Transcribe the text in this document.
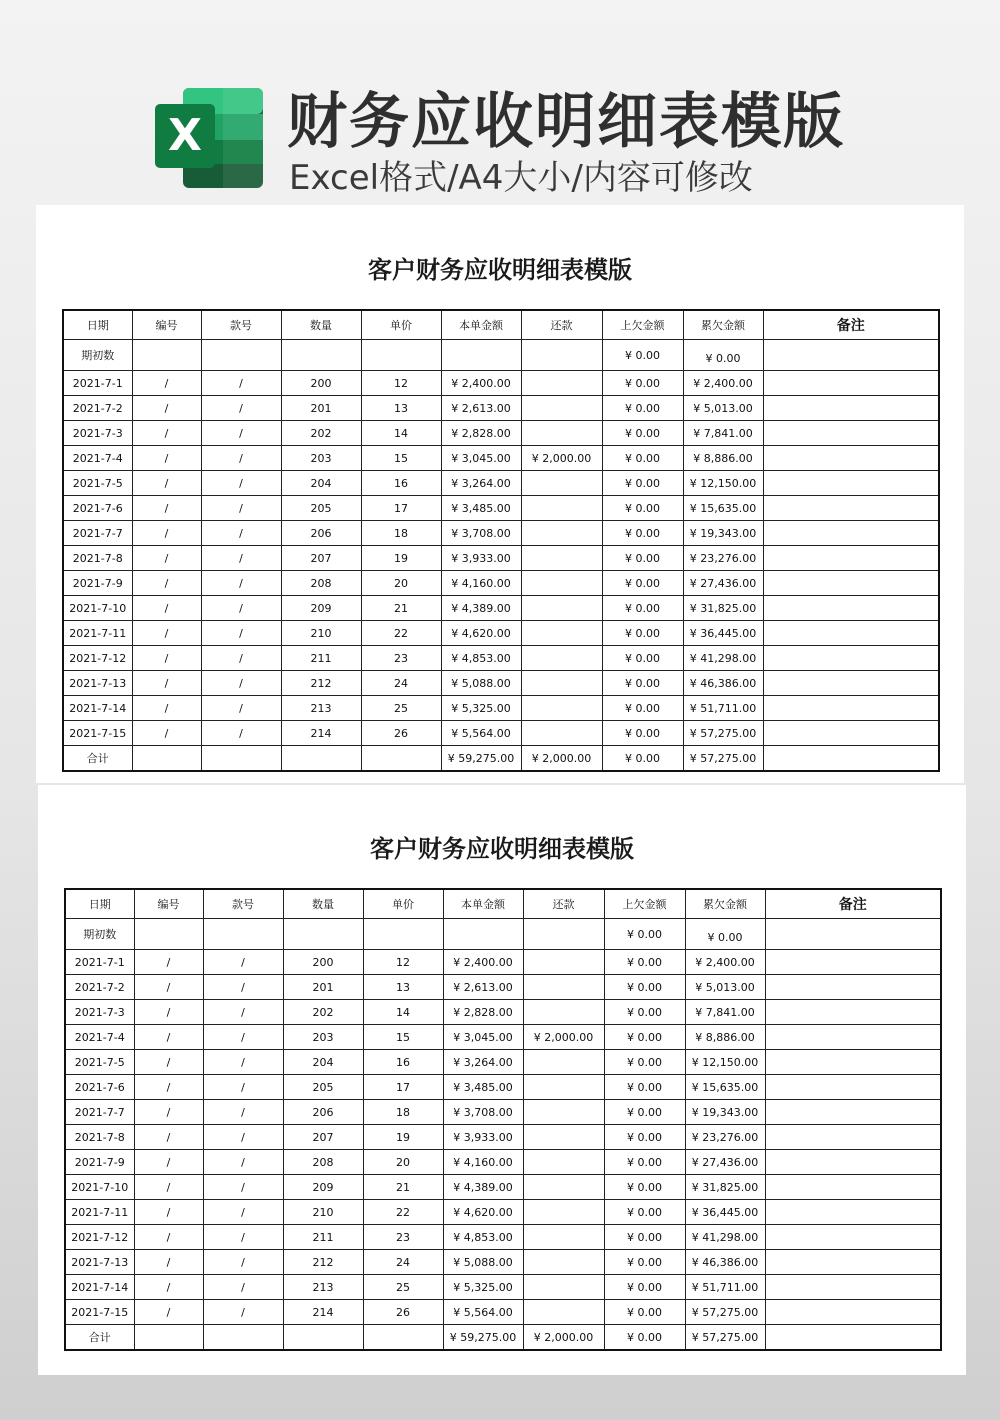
X 财务应收明细表模版
Excel格式/A4大小/内容可修改
客户财务应收明细表模版
日期	编号	款号	数量	单价	本单金额	还款	上欠金额	累欠金额	备注
期初数							¥ 0.00	¥ 0.00	
2021-7-1	/	/	200	12	¥ 2,400.00		¥ 0.00	¥ 2,400.00	
2021-7-2	/	/	201	13	¥ 2,613.00		¥ 0.00	¥ 5,013.00	
2021-7-3	/	/	202	14	¥ 2,828.00		¥ 0.00	¥ 7,841.00	
2021-7-4	/	/	203	15	¥ 3,045.00	¥ 2,000.00	¥ 0.00	¥ 8,886.00	
2021-7-5	/	/	204	16	¥ 3,264.00		¥ 0.00	¥ 12,150.00	
2021-7-6	/	/	205	17	¥ 3,485.00		¥ 0.00	¥ 15,635.00	
2021-7-7	/	/	206	18	¥ 3,708.00		¥ 0.00	¥ 19,343.00	
2021-7-8	/	/	207	19	¥ 3,933.00		¥ 0.00	¥ 23,276.00	
2021-7-9	/	/	208	20	¥ 4,160.00		¥ 0.00	¥ 27,436.00	
2021-7-10	/	/	209	21	¥ 4,389.00		¥ 0.00	¥ 31,825.00	
2021-7-11	/	/	210	22	¥ 4,620.00		¥ 0.00	¥ 36,445.00	
2021-7-12	/	/	211	23	¥ 4,853.00		¥ 0.00	¥ 41,298.00	
2021-7-13	/	/	212	24	¥ 5,088.00		¥ 0.00	¥ 46,386.00	
2021-7-14	/	/	213	25	¥ 5,325.00		¥ 0.00	¥ 51,711.00	
2021-7-15	/	/	214	26	¥ 5,564.00		¥ 0.00	¥ 57,275.00	
合计					¥ 59,275.00	¥ 2,000.00	¥ 0.00	¥ 57,275.00	
客户财务应收明细表模版
日期	编号	款号	数量	单价	本单金额	还款	上欠金额	累欠金额	备注
期初数							¥ 0.00	¥ 0.00	
2021-7-1	/	/	200	12	¥ 2,400.00		¥ 0.00	¥ 2,400.00	
2021-7-2	/	/	201	13	¥ 2,613.00		¥ 0.00	¥ 5,013.00	
2021-7-3	/	/	202	14	¥ 2,828.00		¥ 0.00	¥ 7,841.00	
2021-7-4	/	/	203	15	¥ 3,045.00	¥ 2,000.00	¥ 0.00	¥ 8,886.00	
2021-7-5	/	/	204	16	¥ 3,264.00		¥ 0.00	¥ 12,150.00	
2021-7-6	/	/	205	17	¥ 3,485.00		¥ 0.00	¥ 15,635.00	
2021-7-7	/	/	206	18	¥ 3,708.00		¥ 0.00	¥ 19,343.00	
2021-7-8	/	/	207	19	¥ 3,933.00		¥ 0.00	¥ 23,276.00	
2021-7-9	/	/	208	20	¥ 4,160.00		¥ 0.00	¥ 27,436.00	
2021-7-10	/	/	209	21	¥ 4,389.00		¥ 0.00	¥ 31,825.00	
2021-7-11	/	/	210	22	¥ 4,620.00		¥ 0.00	¥ 36,445.00	
2021-7-12	/	/	211	23	¥ 4,853.00		¥ 0.00	¥ 41,298.00	
2021-7-13	/	/	212	24	¥ 5,088.00		¥ 0.00	¥ 46,386.00	
2021-7-14	/	/	213	25	¥ 5,325.00		¥ 0.00	¥ 51,711.00	
2021-7-15	/	/	214	26	¥ 5,564.00		¥ 0.00	¥ 57,275.00	
合计					¥ 59,275.00	¥ 2,000.00	¥ 0.00	¥ 57,275.00	
